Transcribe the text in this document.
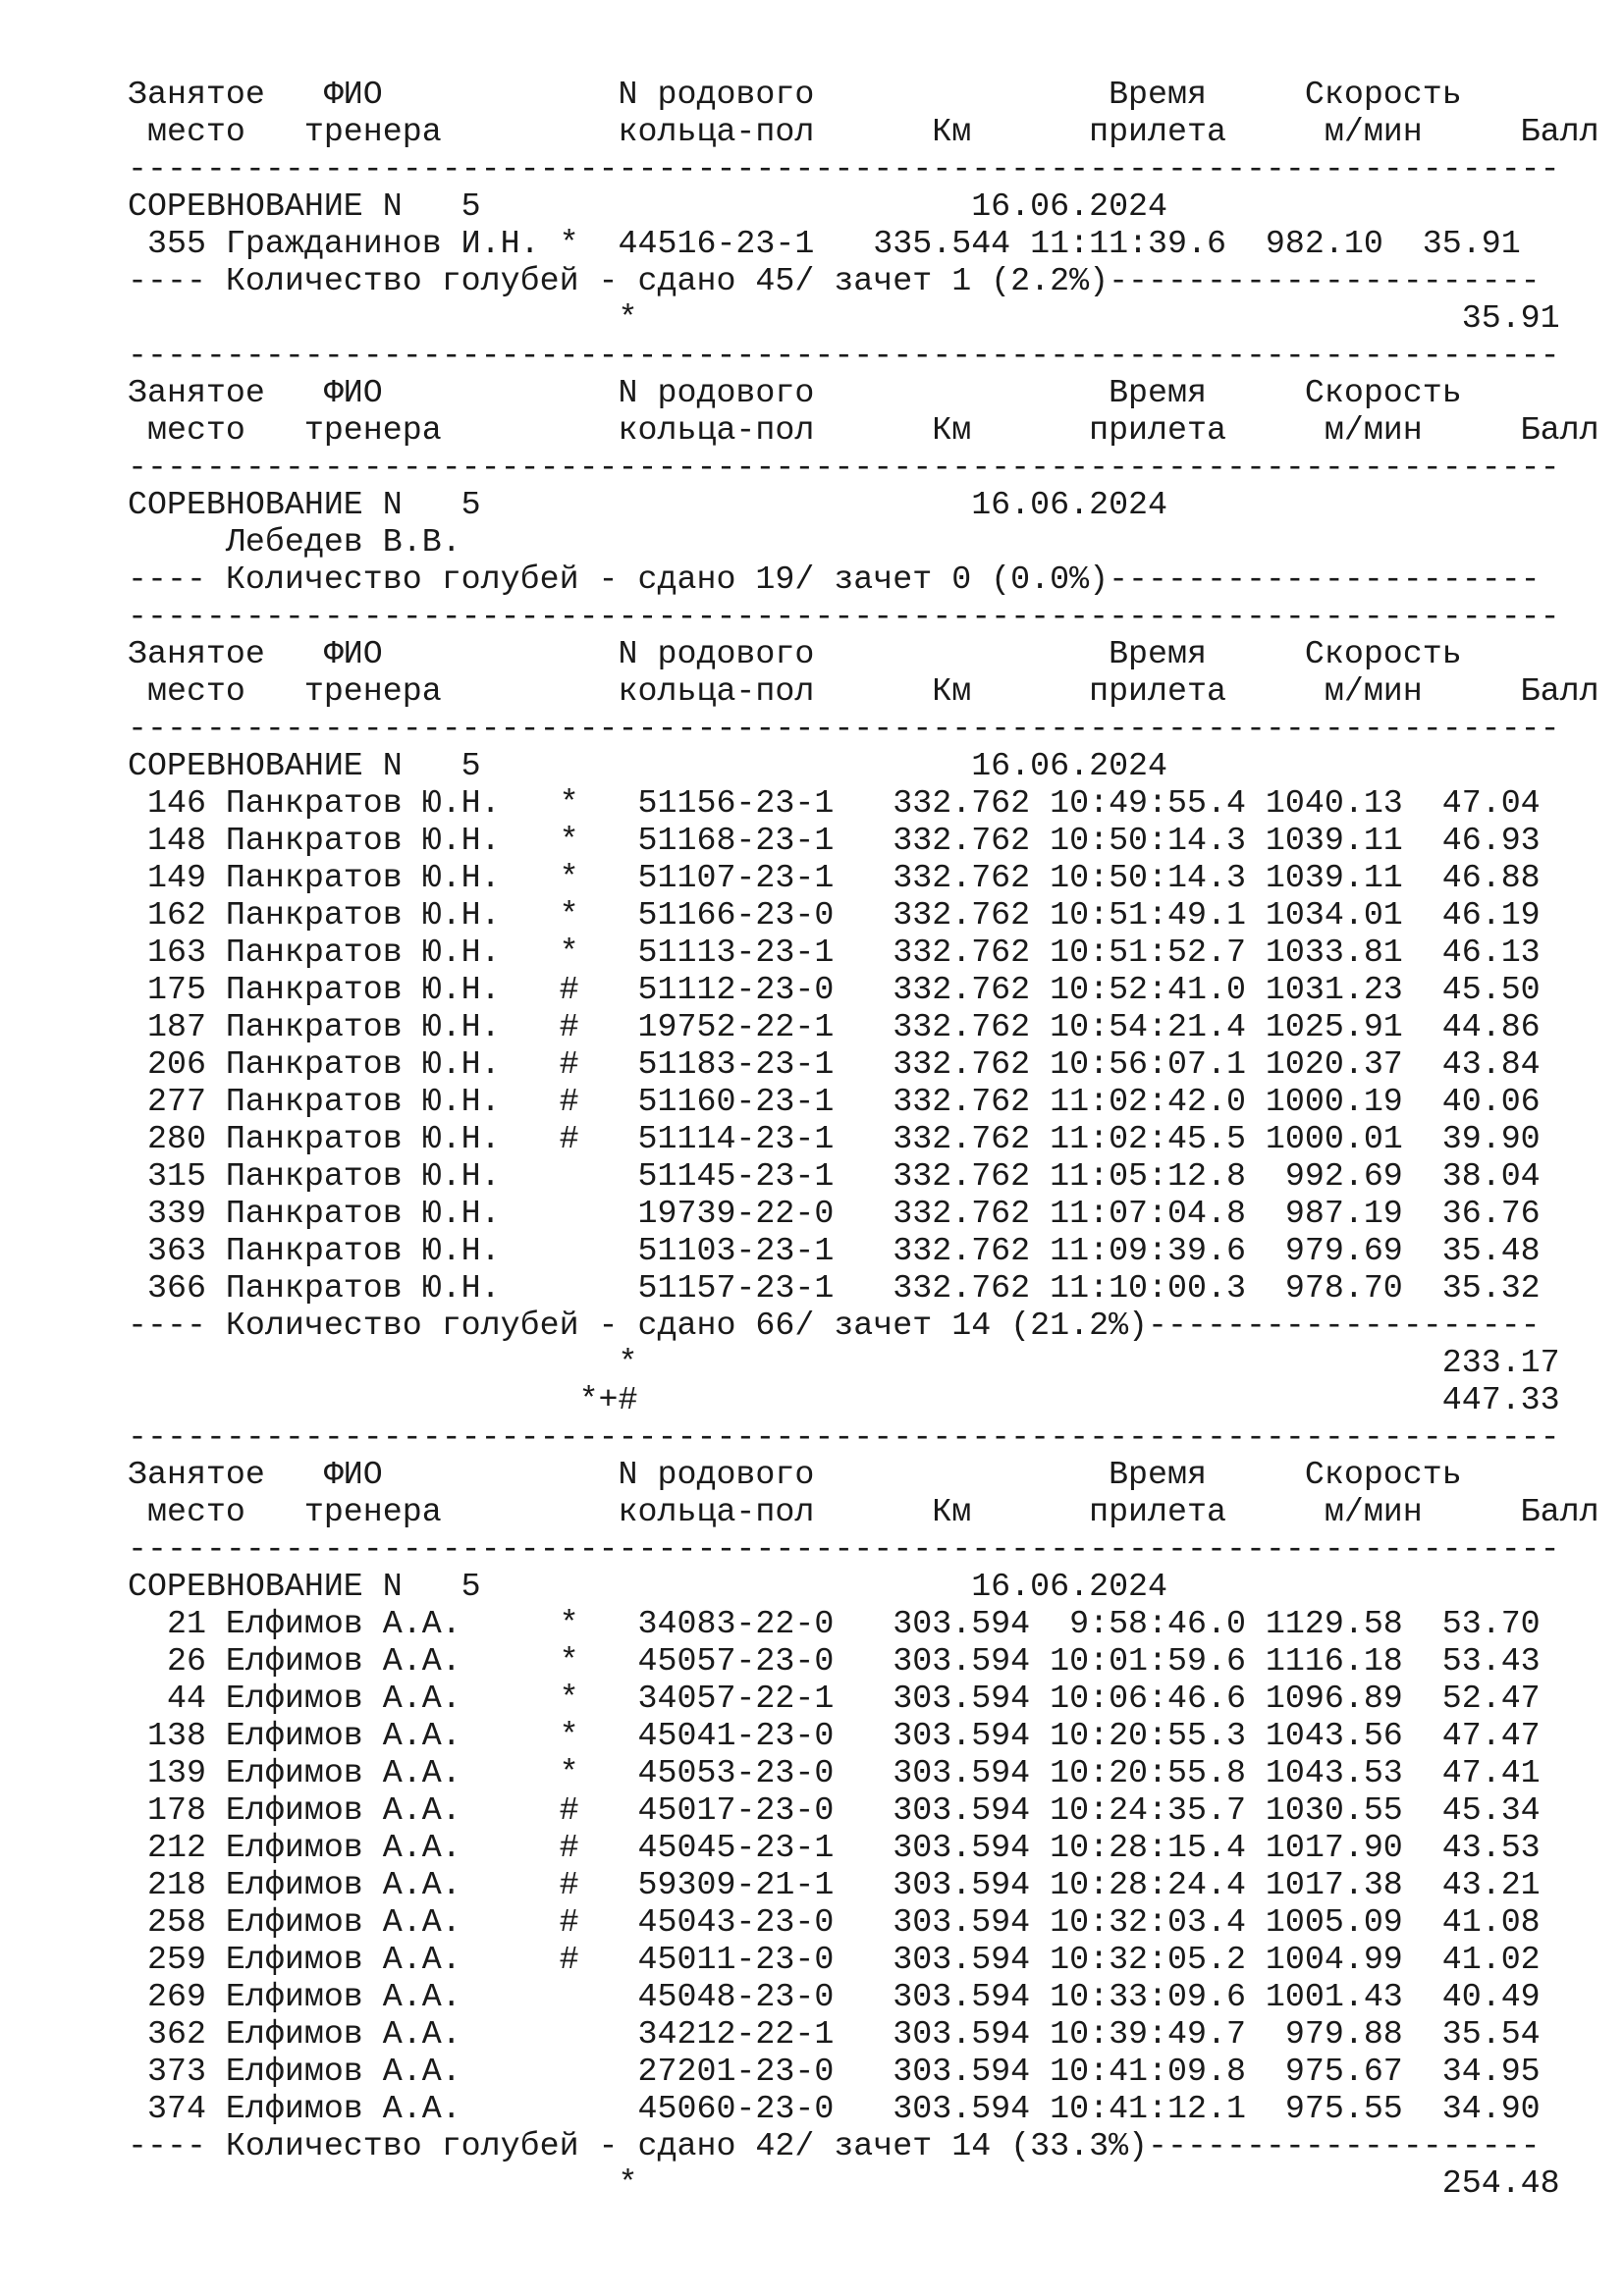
Занятое   ФИО            N родового               Время     Скорость
место   тренера         кольца-пол      Км      прилета     м/мин     Балл
-------------------------------------------------------------------------
СОРЕВНОВАНИЕ N   5                         16.06.2024
355 Гражданинов И.Н. *  44516-23-1   335.544 11:11:39.6  982.10  35.91
---- Количество голубей - сдано 45/ зачет 1 (2.2%)----------------------
*                                          35.91
-------------------------------------------------------------------------
Занятое   ФИО            N родового               Время     Скорость
место   тренера         кольца-пол      Км      прилета     м/мин     Балл
-------------------------------------------------------------------------
СОРЕВНОВАНИЕ N   5                         16.06.2024
Лебедев В.В.
---- Количество голубей - сдано 19/ зачет 0 (0.0%)----------------------
-------------------------------------------------------------------------
Занятое   ФИО            N родового               Время     Скорость
место   тренера         кольца-пол      Км      прилета     м/мин     Балл
-------------------------------------------------------------------------
СОРЕВНОВАНИЕ N   5                         16.06.2024
146 Панкратов Ю.Н.   *   51156-23-1   332.762 10:49:55.4 1040.13  47.04
148 Панкратов Ю.Н.   *   51168-23-1   332.762 10:50:14.3 1039.11  46.93
149 Панкратов Ю.Н.   *   51107-23-1   332.762 10:50:14.3 1039.11  46.88
162 Панкратов Ю.Н.   *   51166-23-0   332.762 10:51:49.1 1034.01  46.19
163 Панкратов Ю.Н.   *   51113-23-1   332.762 10:51:52.7 1033.81  46.13
175 Панкратов Ю.Н.   #   51112-23-0   332.762 10:52:41.0 1031.23  45.50
187 Панкратов Ю.Н.   #   19752-22-1   332.762 10:54:21.4 1025.91  44.86
206 Панкратов Ю.Н.   #   51183-23-1   332.762 10:56:07.1 1020.37  43.84
277 Панкратов Ю.Н.   #   51160-23-1   332.762 11:02:42.0 1000.19  40.06
280 Панкратов Ю.Н.   #   51114-23-1   332.762 11:02:45.5 1000.01  39.90
315 Панкратов Ю.Н.       51145-23-1   332.762 11:05:12.8  992.69  38.04
339 Панкратов Ю.Н.       19739-22-0   332.762 11:07:04.8  987.19  36.76
363 Панкратов Ю.Н.       51103-23-1   332.762 11:09:39.6  979.69  35.48
366 Панкратов Ю.Н.       51157-23-1   332.762 11:10:00.3  978.70  35.32
---- Количество голубей - сдано 66/ зачет 14 (21.2%)--------------------
*                                         233.17
*+#                                         447.33
-------------------------------------------------------------------------
Занятое   ФИО            N родового               Время     Скорость
место   тренера         кольца-пол      Км      прилета     м/мин     Балл
-------------------------------------------------------------------------
СОРЕВНОВАНИЕ N   5                         16.06.2024
21 Елфимов А.А.     *   34083-22-0   303.594  9:58:46.0 1129.58  53.70
26 Елфимов А.А.     *   45057-23-0   303.594 10:01:59.6 1116.18  53.43
44 Елфимов А.А.     *   34057-22-1   303.594 10:06:46.6 1096.89  52.47
138 Елфимов А.А.     *   45041-23-0   303.594 10:20:55.3 1043.56  47.47
139 Елфимов А.А.     *   45053-23-0   303.594 10:20:55.8 1043.53  47.41
178 Елфимов А.А.     #   45017-23-0   303.594 10:24:35.7 1030.55  45.34
212 Елфимов А.А.     #   45045-23-1   303.594 10:28:15.4 1017.90  43.53
218 Елфимов А.А.     #   59309-21-1   303.594 10:28:24.4 1017.38  43.21
258 Елфимов А.А.     #   45043-23-0   303.594 10:32:03.4 1005.09  41.08
259 Елфимов А.А.     #   45011-23-0   303.594 10:32:05.2 1004.99  41.02
269 Елфимов А.А.         45048-23-0   303.594 10:33:09.6 1001.43  40.49
362 Елфимов А.А.         34212-22-1   303.594 10:39:49.7  979.88  35.54
373 Елфимов А.А.         27201-23-0   303.594 10:41:09.8  975.67  34.95
374 Елфимов А.А.         45060-23-0   303.594 10:41:12.1  975.55  34.90
---- Количество голубей - сдано 42/ зачет 14 (33.3%)--------------------
*                                         254.48
